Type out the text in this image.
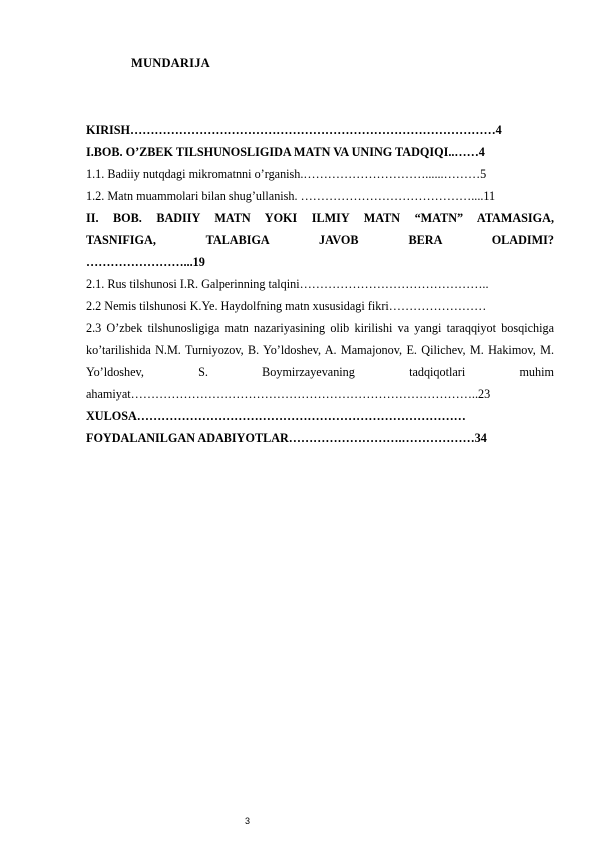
MUNDARIJA
KIRISH………………………………………………………………………………4
I.BOB. O’ZBEK TILSHUNOSLIGIDA MATN VA UNING TADQIQI..……4
1.1. Badiiy nutqdagi mikromatnni o’rganish.…………………………......………5
1.2. Matn muammolari bilan shug’ullanish. ……………………………………....11
II. BOB. BADIIY MATN YOKI ILMIY MATN “MATN” ATAMASIGA,
TASNIFIGA, TALABIGA JAVOB BERA OLADIMI?
……………………...19
2.1. Rus tilshunosi I.R. Galperinning talqini………………………………………..
2.2 Nemis tilshunosi K.Ye. Haydolfning matn xususidagi fikri……………………
2.3 O’zbek tilshunosligiga matn nazariyasining olib kirilishi va yangi taraqqiyot bosqichiga ko’tarilishida N.M. Turniyozov, B. Yo’ldoshev, A. Mamajonov, E. Qilichev, M. Hakimov, M. Yo’ldoshev, S. Boymirzayevaning tadqiqotlari muhim ahamiyat…………………………………………………………………………..23
XULOSA………………………………………………………………………
FOYDALANILGAN ADABIYOTLAR……………………….………………34
3
